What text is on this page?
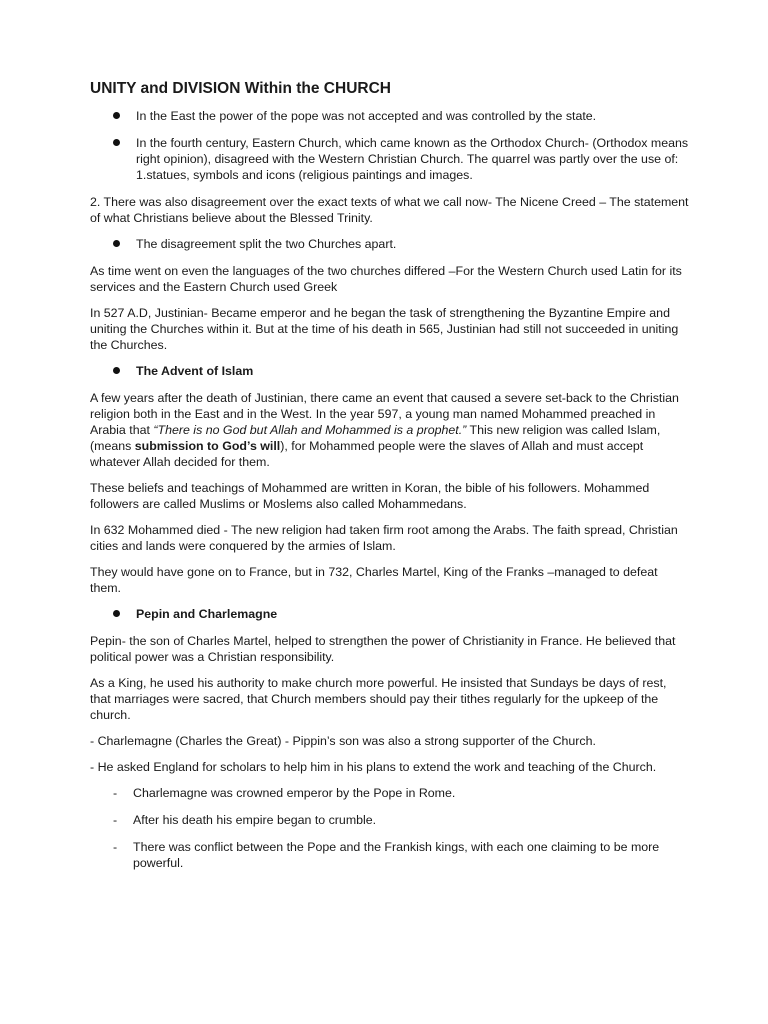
UNITY and DIVISION Within the CHURCH
In the East the power of the pope was not accepted and was controlled by the state.
In the fourth century, Eastern Church, which came known as the Orthodox Church- (Orthodox means right opinion), disagreed with the Western Christian Church. The quarrel was partly over the use of: 1.statues, symbols and icons (religious paintings and images.

2. There was also disagreement over the exact texts of what we call now- The Nicene Creed – The statement of what Christians believe about the Blessed Trinity.

The disagreement split the two Churches apart.

As time went on even the languages of the two churches differed –For the Western Church used Latin for its services and the Eastern Church used Greek

In 527 A.D, Justinian- Became emperor and he began the task of strengthening the Byzantine Empire and uniting the Churches within it. But at the time of his death in 565, Justinian had still not succeeded in uniting the Churches.

The Advent of Islam

A few years after the death of Justinian, there came an event that caused a severe set-back to the Christian religion both in the East and in the West. In the year 597, a young man named Mohammed preached in Arabia that “There is no God but Allah and Mohammed is a prophet.” This new religion was called Islam, (means submission to God’s will), for Mohammed people were the slaves of Allah and must accept whatever Allah decided for them.

These beliefs and teachings of Mohammed are written in Koran, the bible of his followers. Mohammed followers are called Muslims or Moslems also called Mohammedans.

In 632 Mohammed died - The new religion had taken firm root among the Arabs. The faith spread, Christian cities and lands were conquered by the armies of Islam.

They would have gone on to France, but in 732, Charles Martel, King of the Franks –managed to defeat them.

Pepin and Charlemagne

Pepin- the son of Charles Martel, helped to strengthen the power of Christianity in France. He believed that political power was a Christian responsibility.

As a King, he used his authority to make church more powerful. He insisted that Sundays be days of rest, that marriages were sacred, that Church members should pay their tithes regularly for the upkeep of the church.

- Charlemagne (Charles the Great) - Pippin’s son was also a strong supporter of the Church.

- He asked England for scholars to help him in his plans to extend the work and teaching of the Church.

-	Charlemagne was crowned emperor by the Pope in Rome.
-	After his death his empire began to crumble.
-	There was conflict between the Pope and the Frankish kings, with each one claiming to be more powerful.
